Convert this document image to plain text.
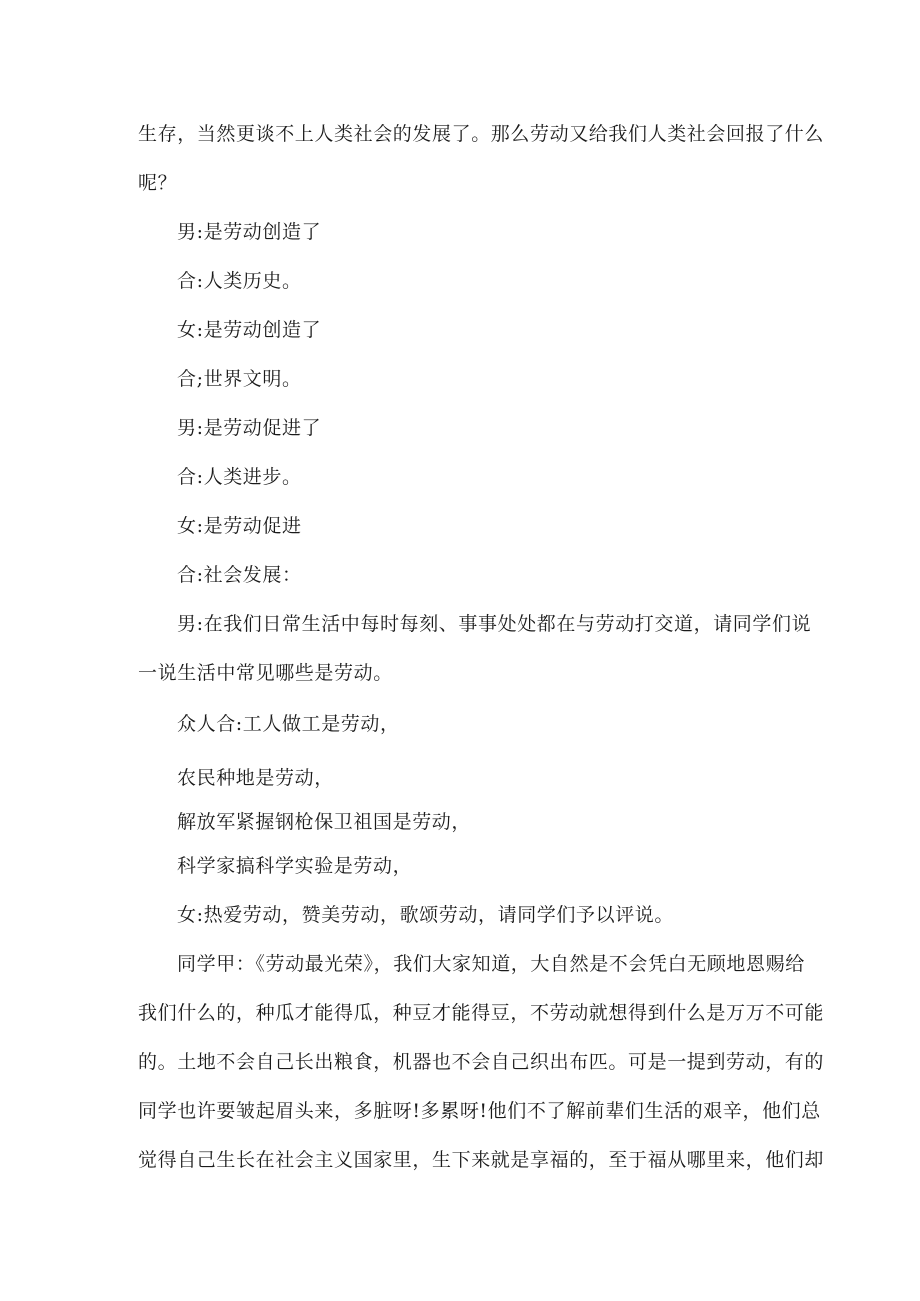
生存，当然更谈不上人类社会的发展了。那么劳动又给我们人类社会回报了什么
呢？
男:是劳动创造了
合:人类历史。
女:是劳动创造了
合;世界文明。
男:是劳动促进了
合:人类进步。
女:是劳动促进
合:社会发展：
男:在我们日常生活中每时每刻、事事处处都在与劳动打交道，请同学们说
一说生活中常见哪些是劳动。
众人合:工人做工是劳动，
农民种地是劳动，
解放军紧握钢枪保卫祖国是劳动，
科学家搞科学实验是劳动，
女:热爱劳动，赞美劳动，歌颂劳动，请同学们予以评说。
同学甲：《劳动最光荣》，我们大家知道，大自然是不会凭白无顾地恩赐给
我们什么的，种瓜才能得瓜，种豆才能得豆，不劳动就想得到什么是万万不可能
的。土地不会自己长出粮食，机器也不会自己织出布匹。可是一提到劳动，有的
同学也许要皱起眉头来，多脏呀!多累呀!他们不了解前辈们生活的艰辛，他们总
觉得自己生长在社会主义国家里，生下来就是享福的，至于福从哪里来，他们却
